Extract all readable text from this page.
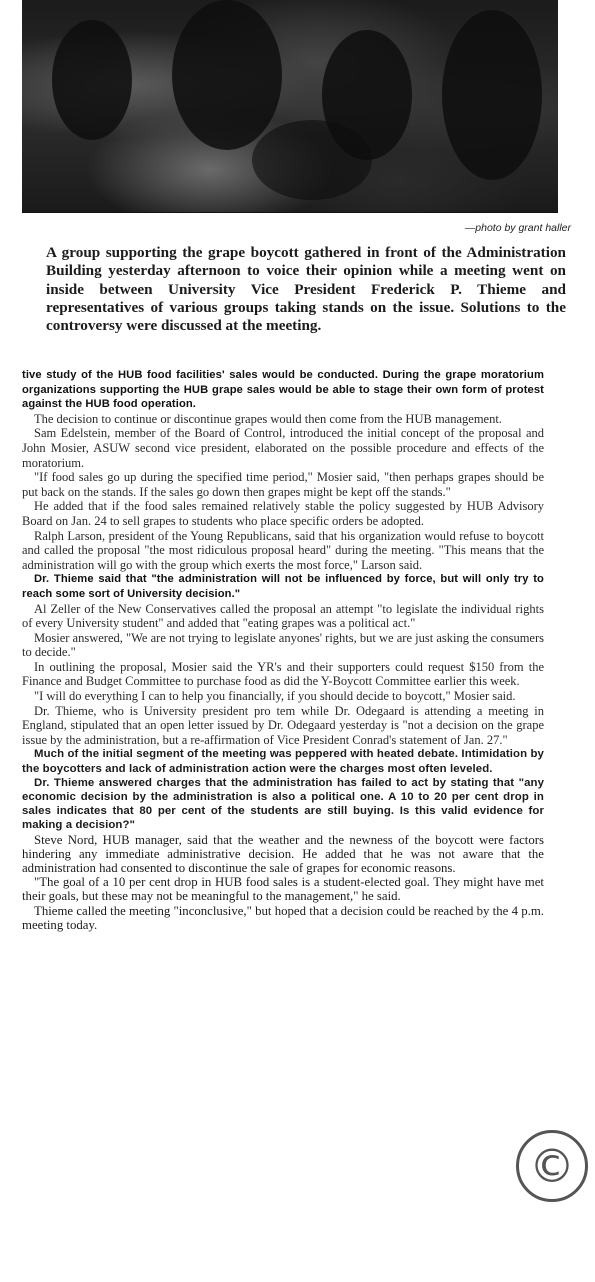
—photo by grant haller
A group supporting the grape boycott gathered in front of the Administration Building yesterday afternoon to voice their opinion while a meeting went on inside between University Vice President Frederick P. Thieme and representatives of various groups taking stands on the issue. Solutions to the controversy were discussed at the meeting.

tive study of the HUB food facilities' sales would be conducted. During the grape moratorium organizations supporting the HUB grape sales would be able to stage their own form of protest against the HUB food operation.

The decision to continue or discontinue grapes would then come from the HUB management.

Sam Edelstein, member of the Board of Control, introduced the initial concept of the proposal and John Mosier, ASUW second vice president, elaborated on the possible procedure and effects of the moratorium.

"If food sales go up during the specified time period," Mosier said, "then perhaps grapes should be put back on the stands. If the sales go down then grapes might be kept off the stands."

He added that if the food sales remained relatively stable the policy suggested by HUB Advisory Board on Jan. 24 to sell grapes to students who place specific orders be adopted.

Ralph Larson, president of the Young Republicans, said that his organization would refuse to boycott and called the proposal "the most ridiculous proposal heard" during the meeting. "This means that the administration will go with the group which exerts the most force," Larson said.

Dr. Thieme said that "the administration will not be influenced by force, but will only try to reach some sort of University decision."

Al Zeller of the New Conservatives called the proposal an attempt "to legislate the individual rights of every University student" and added that "eating grapes was a political act."

Mosier answered, "We are not trying to legislate anyones' rights, but we are just asking the consumers to decide."

In outlining the proposal, Mosier said the YR's and their supporters could request $150 from the Finance and Budget Committee to purchase food as did the Y-Boycott Committee earlier this week.

"I will do everything I can to help you financially, if you should decide to boycott," Mosier said.

Dr. Thieme, who is University president pro tem while Dr. Odegaard is attending a meeting in England, stipulated that an open letter issued by Dr. Odegaard yesterday is "not a decision on the grape issue by the administration, but a re-affirmation of Vice President Conrad's statement of Jan. 27."

Much of the initial segment of the meeting was peppered with heated debate. Intimidation by the boycotters and lack of administration action were the charges most often leveled.

Dr. Thieme answered charges that the administration has failed to act by stating that "any economic decision by the administration is also a political one. A 10 to 20 per cent drop in sales indicates that 80 per cent of the students are still buying. Is this valid evidence for making a decision?"

Steve Nord, HUB manager, said that the weather and the newness of the boycott were factors hindering any immediate administrative decision. He added that he was not aware that the administration had consented to discontinue the sale of grapes for economic reasons.

"The goal of a 10 per cent drop in HUB food sales is a student-elected goal. They might have met their goals, but these may not be meaningful to the management," he said.

Thieme called the meeting "inconclusive," but hoped that a decision could be reached by the 4 p.m. meeting today.

©
